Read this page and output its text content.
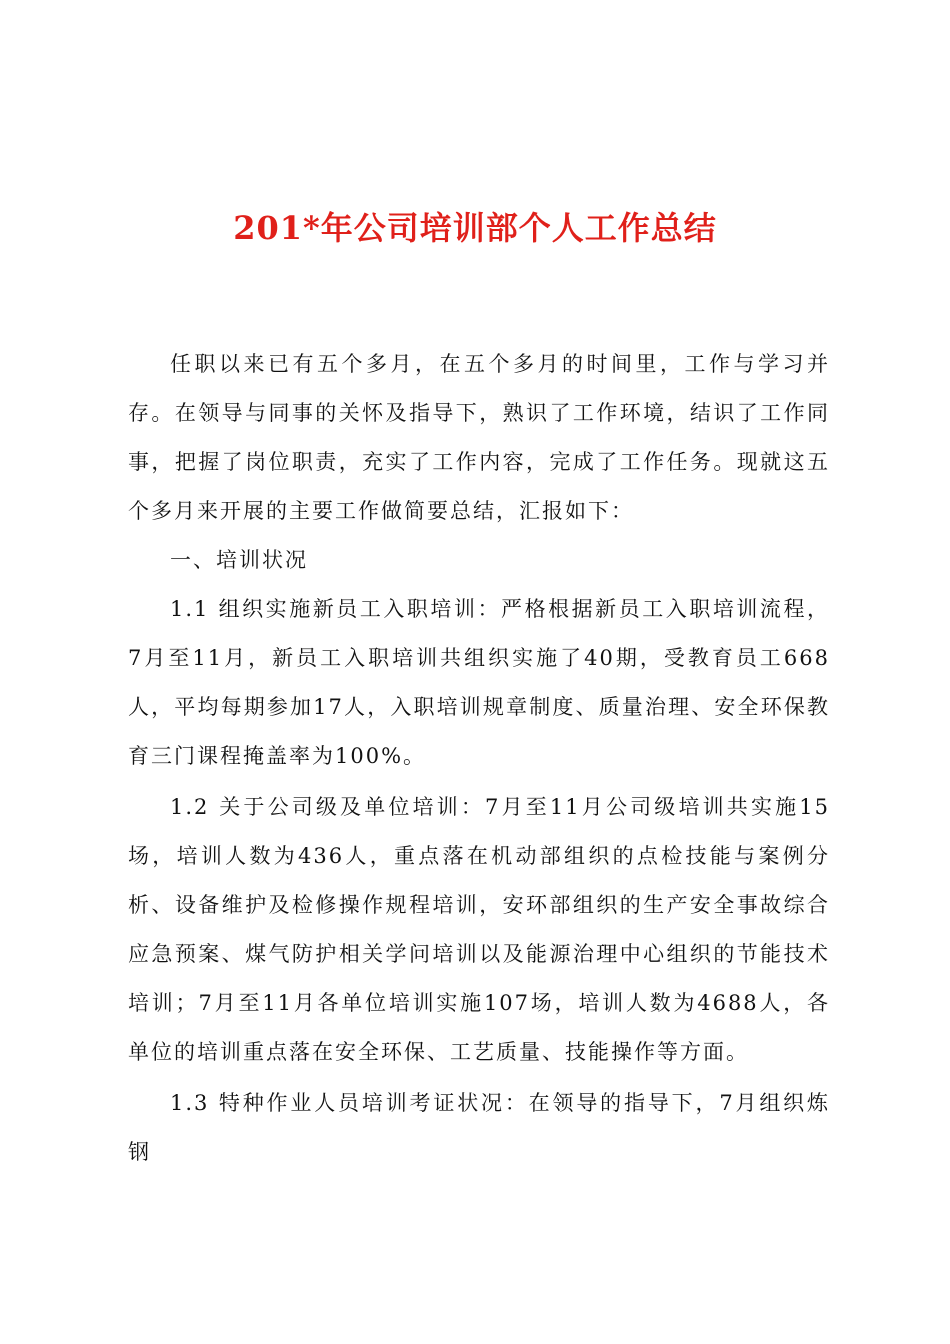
201*年公司培训部个人工作总结

任职以来已有五个多月，在五个多月的时间里，工作与学习并存。在领导与同事的关怀及指导下，熟识了工作环境，结识了工作同事，把握了岗位职责，充实了工作内容，完成了工作任务。现就这五个多月来开展的主要工作做简要总结，汇报如下：

一、培训状况

1.1 组织实施新员工入职培训：严格根据新员工入职培训流程， 7月至11月，新员工入职培训共组织实施了40期，受教育员工668人，平均每期参加17人，入职培训规章制度、质量治理、安全环保教育三门课程掩盖率为100%。

1.2 关于公司级及单位培训：7月至11月公司级培训共实施15场，培训人数为436人，重点落在机动部组织的点检技能与案例分析、设备维护及检修操作规程培训，安环部组织的生产安全事故综合应急预案、煤气防护相关学问培训以及能源治理中心组织的节能技术培训；7月至11月各单位培训实施107场，培训人数为4688人，各单位的培训重点落在安全环保、工艺质量、技能操作等方面。

1.3 特种作业人员培训考证状况：在领导的指导下，7月组织炼钢
